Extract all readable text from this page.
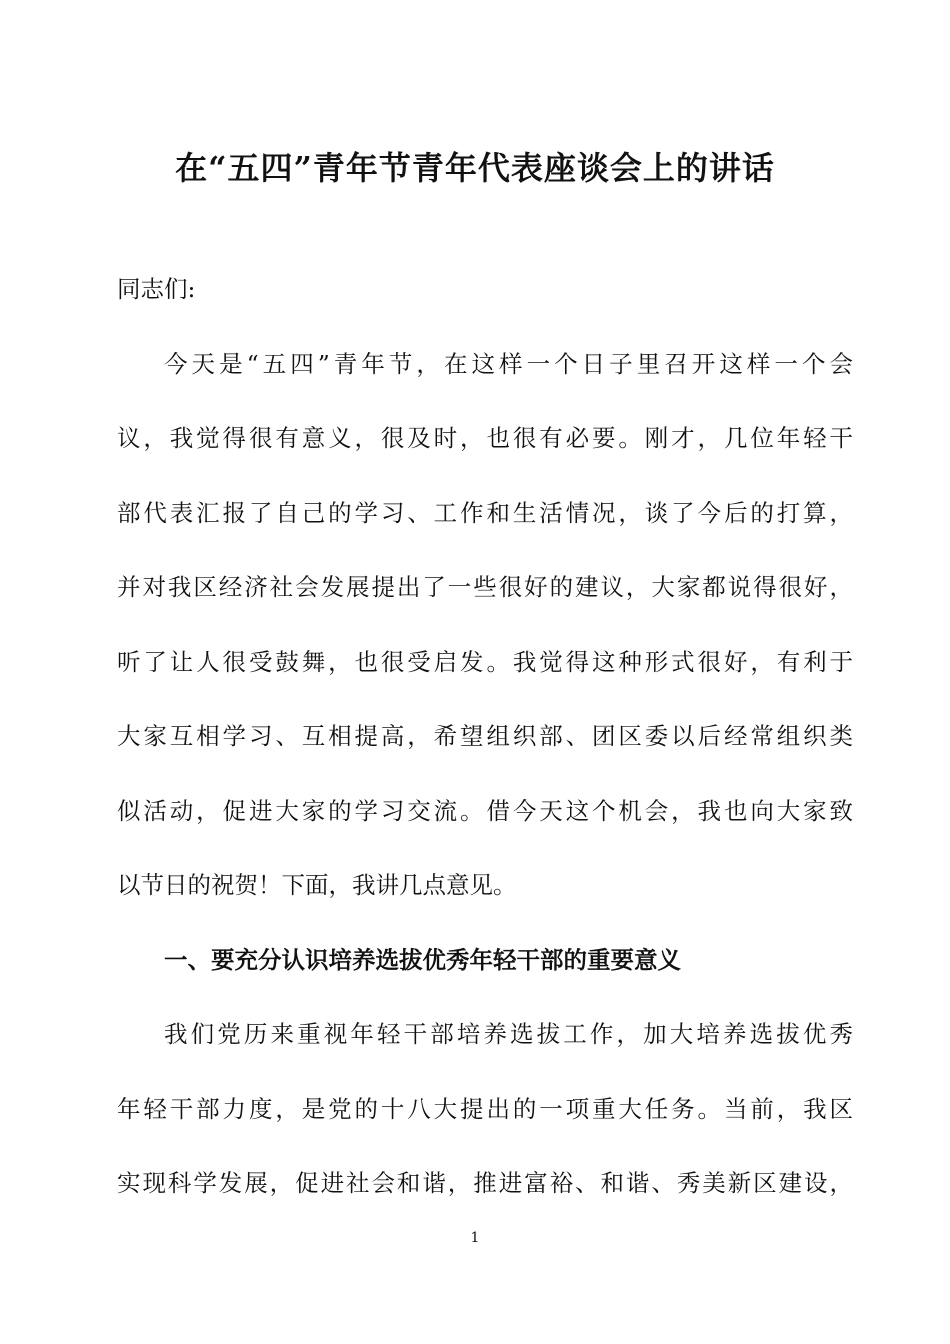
在“五四”青年节青年代表座谈会上的讲话

同志们:

今天是“五四”青年节，在这样一个日子里召开这样一个会

议，我觉得很有意义，很及时，也很有必要。刚才，几位年轻干

部代表汇报了自己的学习、工作和生活情况，谈了今后的打算，

并对我区经济社会发展提出了一些很好的建议，大家都说得很好，

听了让人很受鼓舞，也很受启发。我觉得这种形式很好，有利于

大家互相学习、互相提高，希望组织部、团区委以后经常组织类

似活动，促进大家的学习交流。借今天这个机会，我也向大家致

以节日的祝贺！下面，我讲几点意见。

一、要充分认识培养选拔优秀年轻干部的重要意义

我们党历来重视年轻干部培养选拔工作，加大培养选拔优秀

年轻干部力度，是党的十八大提出的一项重大任务。当前，我区

实现科学发展，促进社会和谐，推进富裕、和谐、秀美新区建设，

1
